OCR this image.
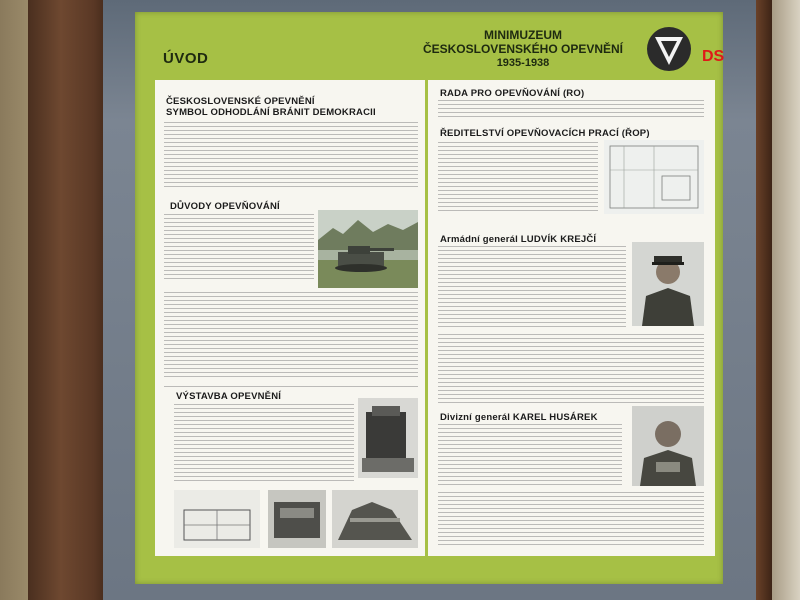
ÚVOD
MINIMUZEUM
ČESKOSLOVENSKÉHO OPEVNĚNÍ
1935-1938	DS
ČESKOSLOVENSKÉ OPEVNĚNÍ
SYMBOL ODHODLÁNÍ BRÁNIT DEMOKRACII
DŮVODY OPEVŇOVÁNÍ
VÝSTAVBA OPEVNĚNÍ
RADA PRO OPEVŇOVÁNÍ (RO)
ŘEDITELSTVÍ OPEVŇOVACÍCH PRACÍ (ŘOP)
Armádní generál LUDVÍK KREJČÍ
Divizní generál KAREL HUSÁREK
